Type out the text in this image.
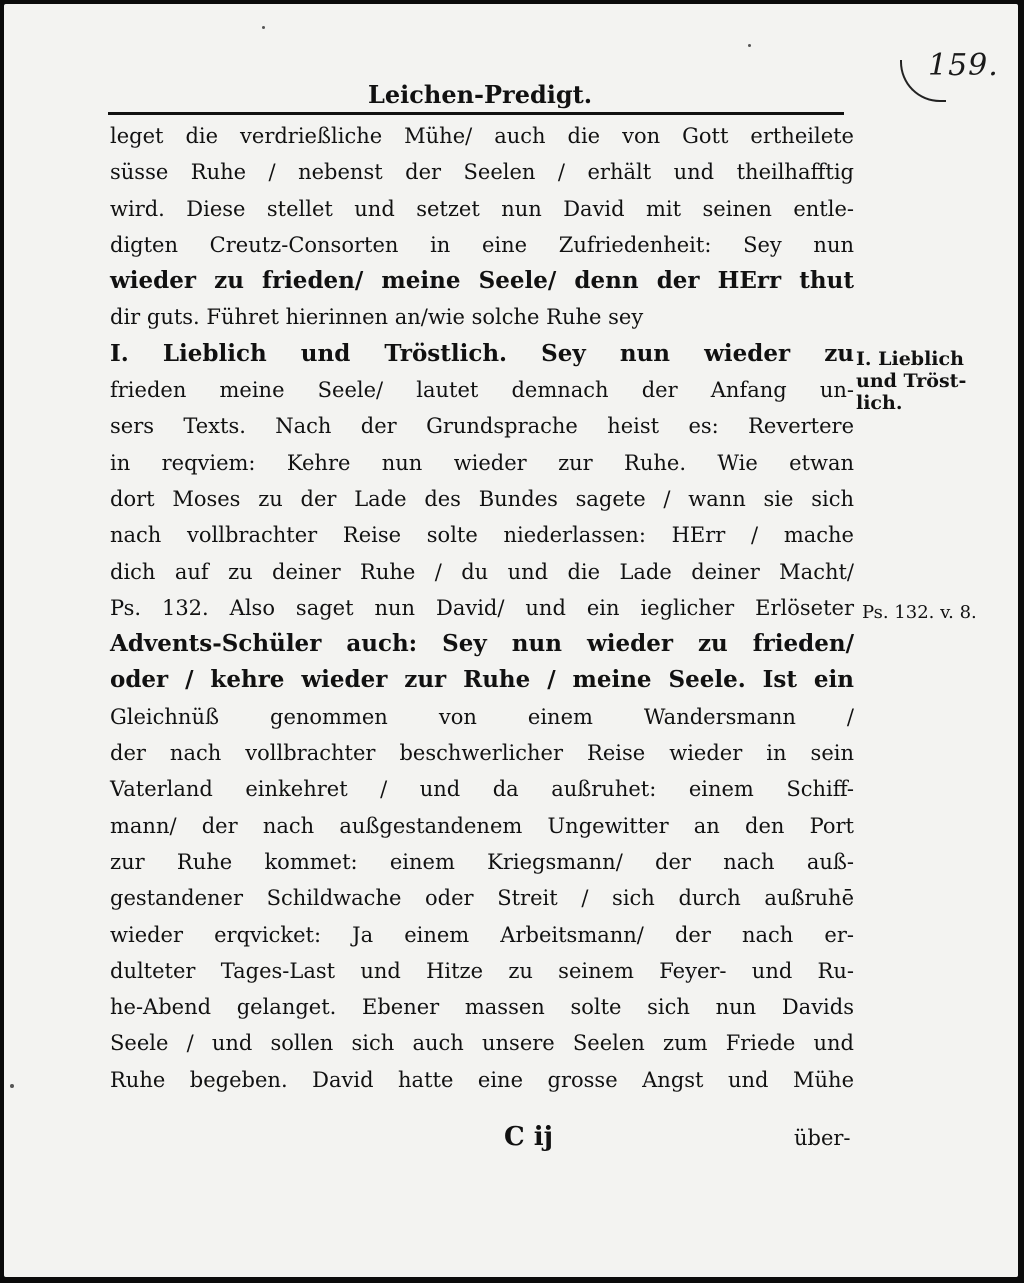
159.
Leichen-Predigt.
leget die verdrießliche Mühe/ auch die von Gott ertheilete
süsse Ruhe / nebenst der Seelen / erhält und theilhafftig
wird. Diese stellet und setzet nun David mit seinen entle-
digten Creutz-Consorten in eine Zufriedenheit: Sey nun
wieder zu frieden/ meine Seele/ denn der HErr thut
dir guts. Führet hierinnen an/wie solche Ruhe sey
I. Lieblich und Tröstlich. Sey nun wieder zu
frieden meine Seele/ lautet demnach der Anfang un-
sers Texts. Nach der Grundsprache heist es: Revertere
in reqviem: Kehre nun wieder zur Ruhe. Wie etwan
dort Moses zu der Lade des Bundes sagete / wann sie sich
nach vollbrachter Reise solte niederlassen: HErr / mache
dich auf zu deiner Ruhe / du und die Lade deiner Macht/
Ps. 132. Also saget nun David/ und ein ieglicher Erlöseter
Advents-Schüler auch: Sey nun wieder zu frieden/
oder / kehre wieder zur Ruhe / meine Seele. Ist ein
Gleichnüß genommen von einem Wandersmann /
der nach vollbrachter beschwerlicher Reise wieder in sein
Vaterland einkehret / und da außruhet: einem Schiff-
mann/ der nach außgestandenem Ungewitter an den Port
zur Ruhe kommet: einem Kriegsmann/ der nach auß-
gestandener Schildwache oder Streit / sich durch außruhē
wieder erqvicket: Ja einem Arbeitsmann/ der nach er-
dulteter Tages-Last und Hitze zu seinem Feyer- und Ru-
he-Abend gelanget. Ebener massen solte sich nun Davids
Seele / und sollen sich auch unsere Seelen zum Friede und
Ruhe begeben. David hatte eine grosse Angst und Mühe
I. Lieblich
und Tröst-
lich.
Ps. 132. v. 8.
C ij	über-
